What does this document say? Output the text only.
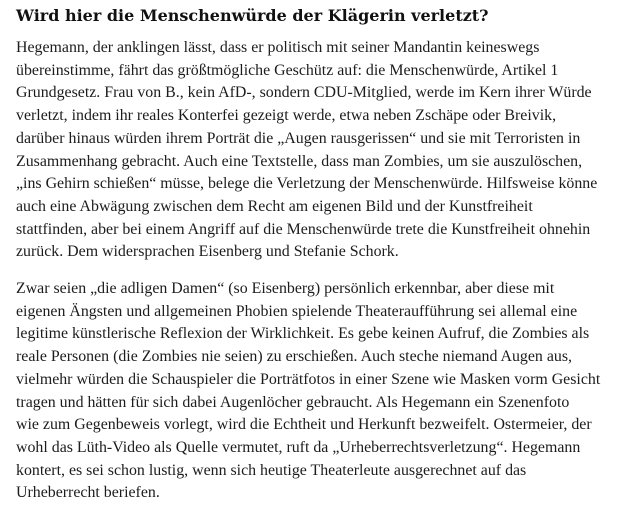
Wird hier die Menschenwürde der Klägerin verletzt?

Hegemann, der anklingen lässt, dass er politisch mit seiner Mandantin keineswegs
übereinstimme, fährt das größtmögliche Geschütz auf: die Menschenwürde, Artikel 1
Grundgesetz. Frau von B., kein AfD-, sondern CDU-Mitglied, werde im Kern ihrer Würde
verletzt, indem ihr reales Konterfei gezeigt werde, etwa neben Zschäpe oder Breivik,
darüber hinaus würden ihrem Porträt die „Augen rausgerissen“ und sie mit Terroristen in
Zusammenhang gebracht. Auch eine Textstelle, dass man Zombies, um sie auszulöschen,
„ins Gehirn schießen“ müsse, belege die Verletzung der Menschenwürde. Hilfsweise könne
auch eine Abwägung zwischen dem Recht am eigenen Bild und der Kunstfreiheit
stattfinden, aber bei einem Angriff auf die Menschenwürde trete die Kunstfreiheit ohnehin
zurück. Dem widersprachen Eisenberg und Stefanie Schork.

Zwar seien „die adligen Damen“ (so Eisenberg) persönlich erkennbar, aber diese mit
eigenen Ängsten und allgemeinen Phobien spielende Theateraufführung sei allemal eine
legitime künstlerische Reflexion der Wirklichkeit. Es gebe keinen Aufruf, die Zombies als
reale Personen (die Zombies nie seien) zu erschießen. Auch steche niemand Augen aus,
vielmehr würden die Schauspieler die Porträtfotos in einer Szene wie Masken vorm Gesicht
tragen und hätten für sich dabei Augenlöcher gebraucht. Als Hegemann ein Szenenfoto
wie zum Gegenbeweis vorlegt, wird die Echtheit und Herkunft bezweifelt. Ostermeier, der
wohl das Lüth-Video als Quelle vermutet, ruft da „Urheberrechtsverletzung“. Hegemann
kontert, es sei schon lustig, wenn sich heutige Theaterleute ausgerechnet auf das
Urheberrecht beriefen.
